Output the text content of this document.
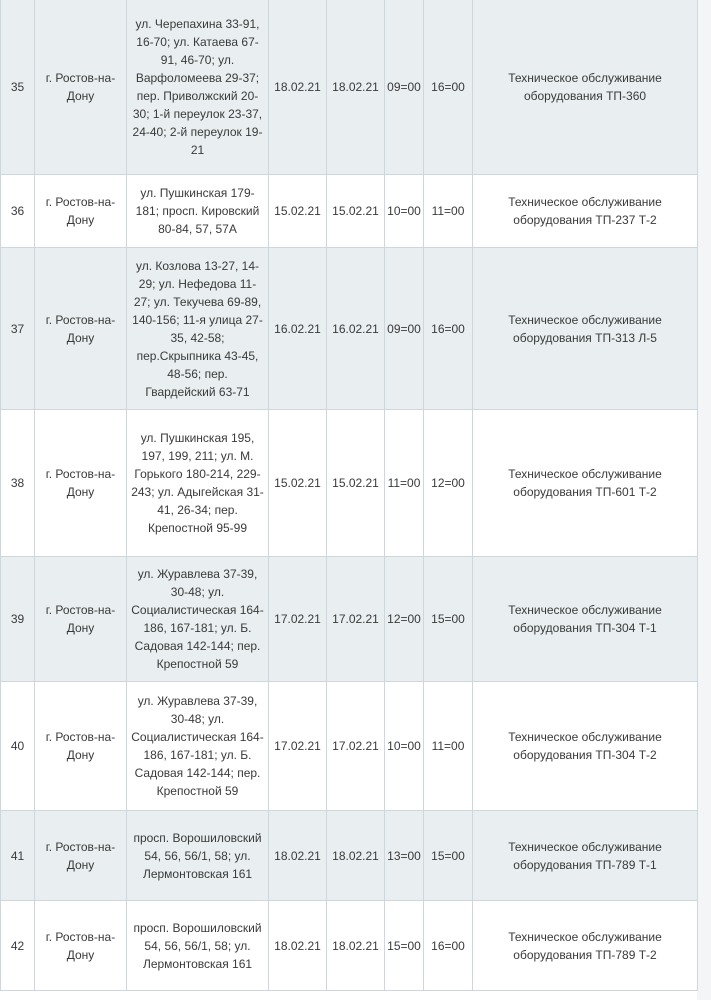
35
г. Ростов-на-Дону
ул. Черепахина 33-91, 16-70; ул. Катаева 67-91, 46-70; ул. Варфоломеева 29-37; пер. Приволжский 20-30; 1-й переулок 23-37, 24-40; 2-й переулок 19-21
18.02.21 18.02.21 09=00 16=00
Техническое обслуживание оборудования ТП-360
36
г. Ростов-на-Дону
ул. Пушкинская 179-181; просп. Кировский 80-84, 57, 57А
15.02.21 15.02.21 10=00 11=00
Техническое обслуживание оборудования ТП-237 Т-2
37
г. Ростов-на-Дону
ул. Козлова 13-27, 14-29; ул. Нефедова 11-27; ул. Текучева 69-89, 140-156; 11-я улица 27-35, 42-58; пер.Скрыпника 43-45, 48-56; пер. Гвардейский 63-71
16.02.21 16.02.21 09=00 16=00
Техническое обслуживание оборудования ТП-313 Л-5
38
г. Ростов-на-Дону
ул. Пушкинская 195, 197, 199, 211; ул. М. Горького 180-214, 229-243; ул. Адыгейская 31-41, 26-34; пер. Крепостной 95-99
15.02.21 15.02.21 11=00 12=00
Техническое обслуживание оборудования ТП-601 Т-2
39
г. Ростов-на-Дону
ул. Журавлева 37-39, 30-48; ул. Социалистическая 164-186, 167-181; ул. Б. Садовая 142-144; пер. Крепостной 59
17.02.21 17.02.21 12=00 15=00
Техническое обслуживание оборудования ТП-304 Т-1
40
г. Ростов-на-Дону
ул. Журавлева 37-39, 30-48; ул. Социалистическая 164-186, 167-181; ул. Б. Садовая 142-144; пер. Крепостной 59
17.02.21 17.02.21 10=00 11=00
Техническое обслуживание оборудования ТП-304 Т-2
41
г. Ростов-на-Дону
просп. Ворошиловский 54, 56, 56/1, 58; ул. Лермонтовская 161
18.02.21 18.02.21 13=00 15=00
Техническое обслуживание оборудования ТП-789 Т-1
42
г. Ростов-на-Дону
просп. Ворошиловский 54, 56, 56/1, 58; ул. Лермонтовская 161
18.02.21 18.02.21 15=00 16=00
Техническое обслуживание оборудования ТП-789 Т-2
